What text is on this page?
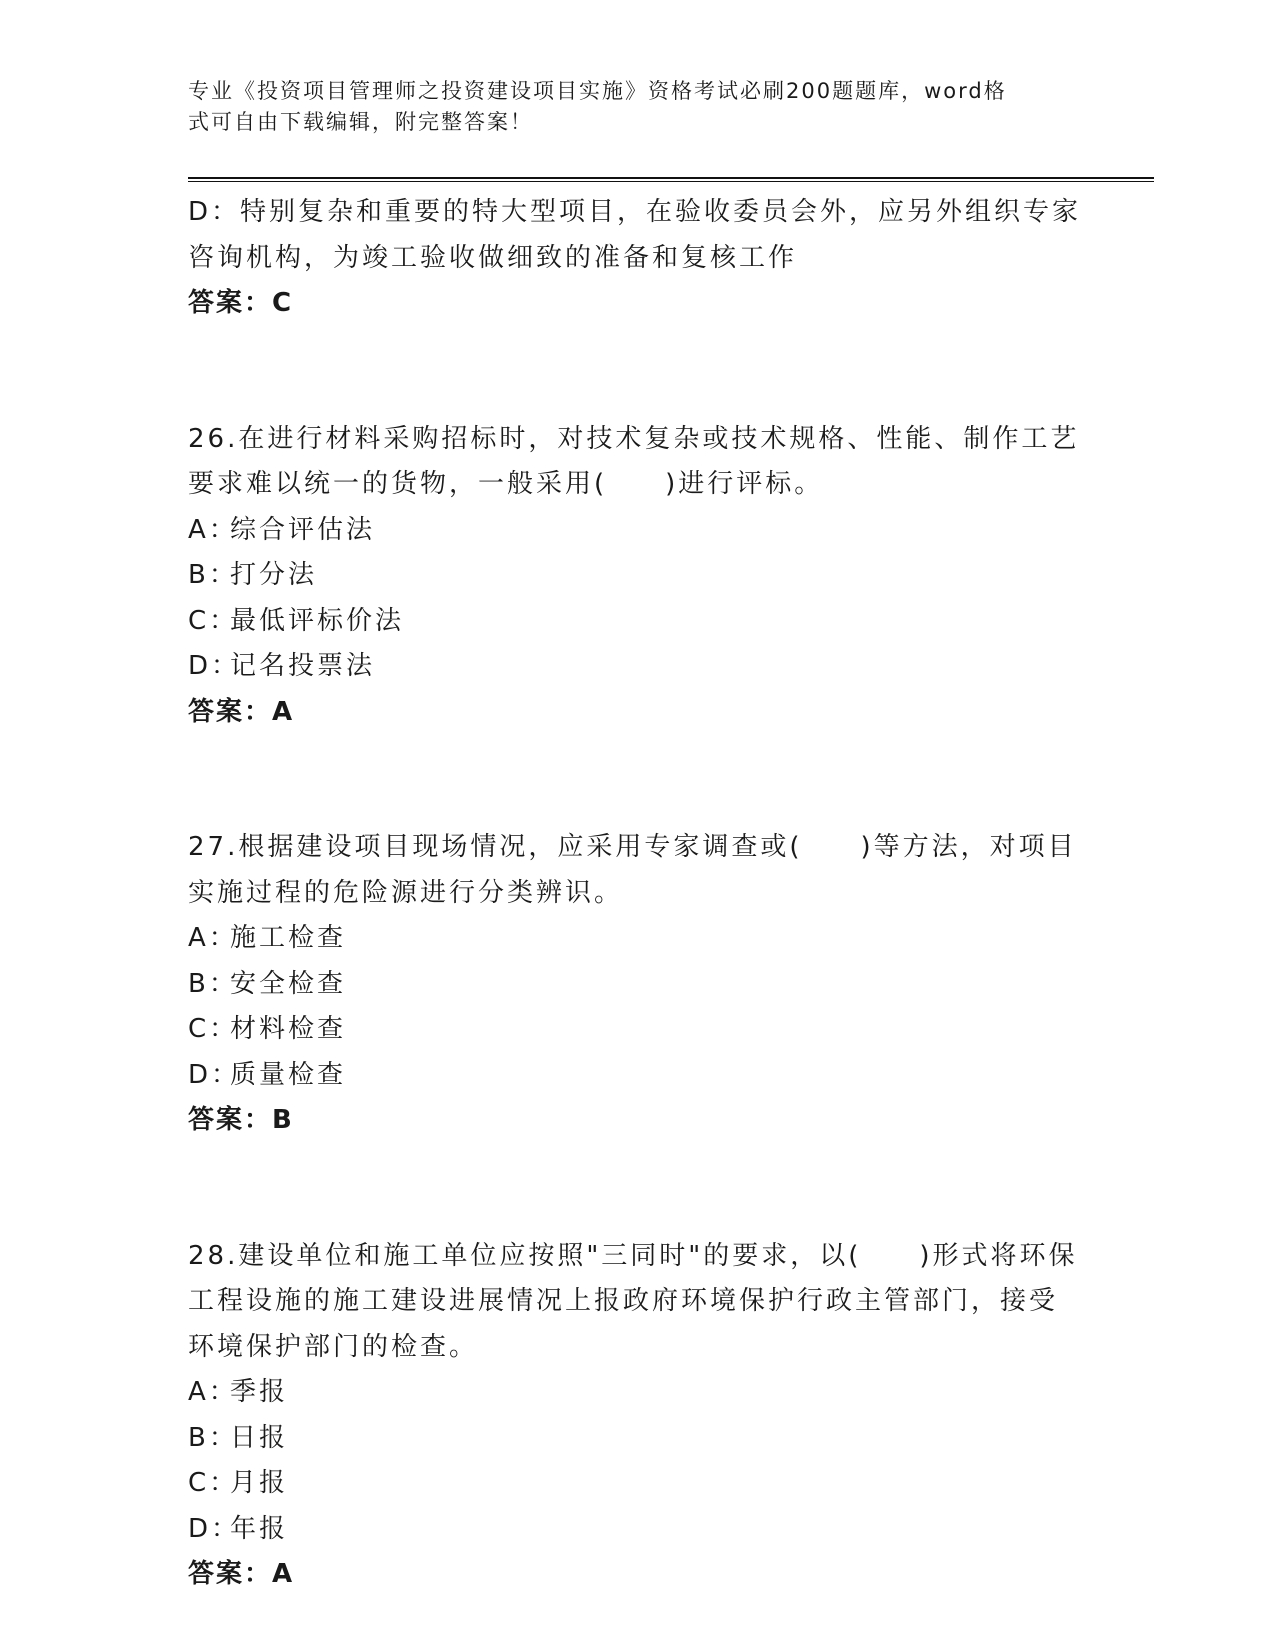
专业《投资项目管理师之投资建设项目实施》资格考试必刷200题题库，word格
式可自由下载编辑，附完整答案！
D：特别复杂和重要的特大型项目，在验收委员会外，应另外组织专家
咨询机构，为竣工验收做细致的准备和复核工作
答案：C
26.在进行材料采购招标时，对技术复杂或技术规格、性能、制作工艺
要求难以统一的货物，一般采用(　　)进行评标。
A：综合评估法
B：打分法
C：最低评标价法
D：记名投票法
答案：A
27.根据建设项目现场情况，应采用专家调查或(　　)等方法，对项目
实施过程的危险源进行分类辨识。
A：施工检查
B：安全检查
C：材料检查
D：质量检查
答案：B
28.建设单位和施工单位应按照"三同时"的要求，以(　　)形式将环保
工程设施的施工建设进展情况上报政府环境保护行政主管部门，接受
环境保护部门的检查。
A：季报
B：日报
C：月报
D：年报
答案：A
